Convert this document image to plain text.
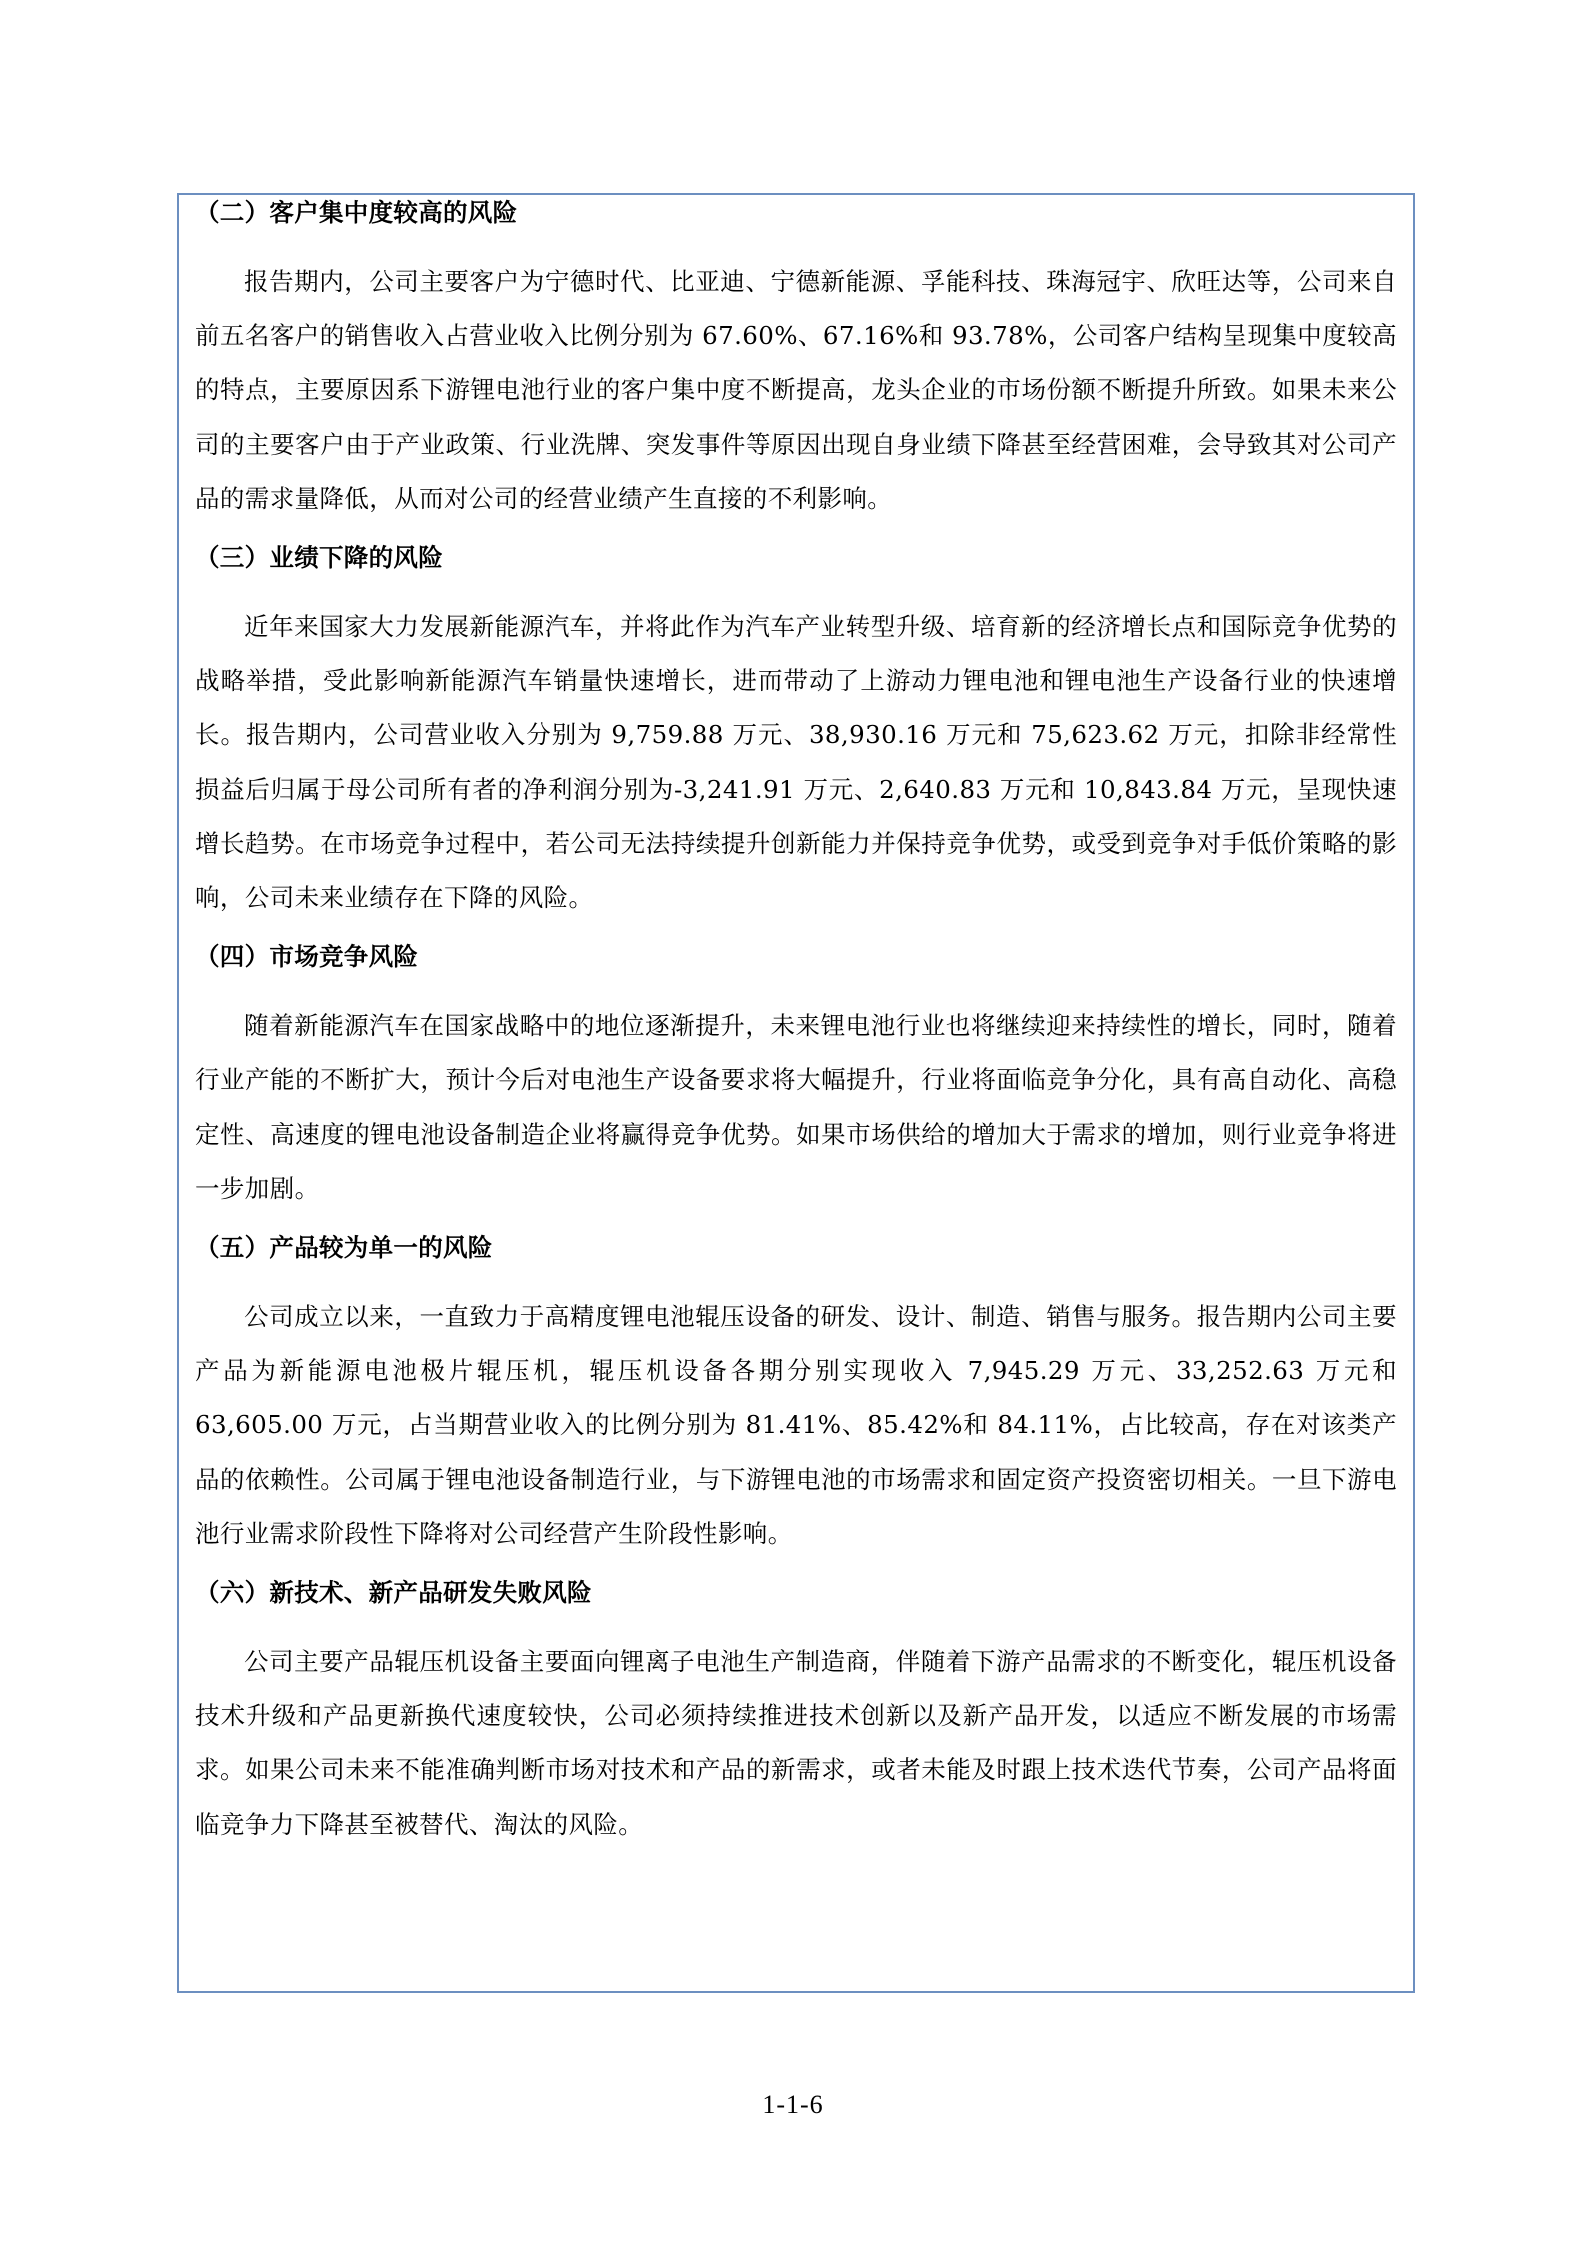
（二）客户集中度较高的风险

报告期内，公司主要客户为宁德时代、比亚迪、宁德新能源、孚能科技、珠海冠宇、欣旺达等，公司来自前五名客户的销售收入占营业收入比例分别为 67.60%、67.16%和 93.78%，公司客户结构呈现集中度较高的特点，主要原因系下游锂电池行业的客户集中度不断提高，龙头企业的市场份额不断提升所致。如果未来公司的主要客户由于产业政策、行业洗牌、突发事件等原因出现自身业绩下降甚至经营困难，会导致其对公司产品的需求量降低，从而对公司的经营业绩产生直接的不利影响。

（三）业绩下降的风险

近年来国家大力发展新能源汽车，并将此作为汽车产业转型升级、培育新的经济增长点和国际竞争优势的战略举措，受此影响新能源汽车销量快速增长，进而带动了上游动力锂电池和锂电池生产设备行业的快速增长。报告期内，公司营业收入分别为 9,759.88 万元、38,930.16 万元和 75,623.62 万元，扣除非经常性损益后归属于母公司所有者的净利润分别为-3,241.91 万元、2,640.83 万元和 10,843.84 万元，呈现快速增长趋势。在市场竞争过程中，若公司无法持续提升创新能力并保持竞争优势，或受到竞争对手低价策略的影响，公司未来业绩存在下降的风险。

（四）市场竞争风险

随着新能源汽车在国家战略中的地位逐渐提升，未来锂电池行业也将继续迎来持续性的增长，同时，随着行业产能的不断扩大，预计今后对电池生产设备要求将大幅提升，行业将面临竞争分化，具有高自动化、高稳定性、高速度的锂电池设备制造企业将赢得竞争优势。如果市场供给的增加大于需求的增加，则行业竞争将进一步加剧。

（五）产品较为单一的风险

公司成立以来，一直致力于高精度锂电池辊压设备的研发、设计、制造、销售与服务。报告期内公司主要产品为新能源电池极片辊压机，辊压机设备各期分别实现收入 7,945.29 万元、33,252.63 万元和 63,605.00 万元，占当期营业收入的比例分别为 81.41%、85.42%和 84.11%，占比较高，存在对该类产品的依赖性。公司属于锂电池设备制造行业，与下游锂电池的市场需求和固定资产投资密切相关。一旦下游电池行业需求阶段性下降将对公司经营产生阶段性影响。

（六）新技术、新产品研发失败风险

公司主要产品辊压机设备主要面向锂离子电池生产制造商，伴随着下游产品需求的不断变化，辊压机设备技术升级和产品更新换代速度较快，公司必须持续推进技术创新以及新产品开发，以适应不断发展的市场需求。如果公司未来不能准确判断市场对技术和产品的新需求，或者未能及时跟上技术迭代节奏，公司产品将面临竞争力下降甚至被替代、淘汰的风险。

1-1-6
